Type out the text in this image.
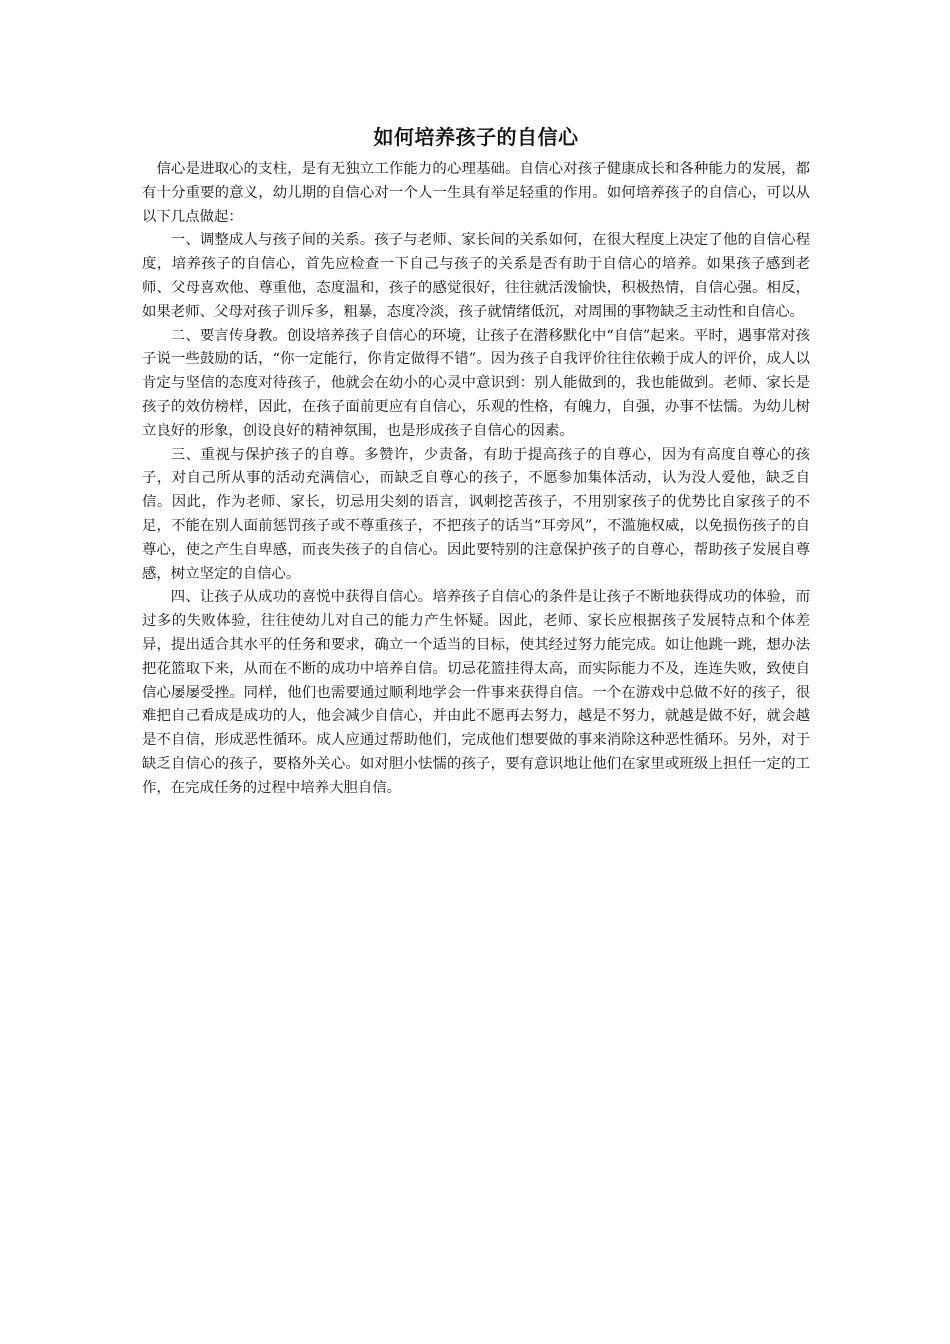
如何培养孩子的自信心

信心是进取心的支柱，是有无独立工作能力的心理基础。自信心对孩子健康成长和各种能力的发展，都有十分重要的意义，幼儿期的自信心对一个人一生具有举足轻重的作用。如何培养孩子的自信心，可以从以下几点做起：

一、调整成人与孩子间的关系。孩子与老师、家长间的关系如何，在很大程度上决定了他的自信心程度，培养孩子的自信心，首先应检查一下自己与孩子的关系是否有助于自信心的培养。如果孩子感到老师、父母喜欢他、尊重他，态度温和，孩子的感觉很好，往往就活泼愉快，积极热情，自信心强。相反，如果老师、父母对孩子训斥多，粗暴，态度冷淡，孩子就情绪低沉，对周围的事物缺乏主动性和自信心。

二、要言传身教。创设培养孩子自信心的环境，让孩子在潜移默化中“自信”起来。平时，遇事常对孩子说一些鼓励的话，“你一定能行，你肯定做得不错”。因为孩子自我评价往往依赖于成人的评价，成人以肯定与坚信的态度对待孩子，他就会在幼小的心灵中意识到：别人能做到的，我也能做到。老师、家长是孩子的效仿榜样，因此，在孩子面前更应有自信心，乐观的性格，有魄力，自强，办事不怯懦。为幼儿树立良好的形象，创设良好的精神氛围，也是形成孩子自信心的因素。

三、重视与保护孩子的自尊。多赞许，少责备，有助于提高孩子的自尊心，因为有高度自尊心的孩子，对自己所从事的活动充满信心，而缺乏自尊心的孩子，不愿参加集体活动，认为没人爱他，缺乏自信。因此，作为老师、家长，切忌用尖刻的语言，讽刺挖苦孩子，不用别家孩子的优势比自家孩子的不足，不能在别人面前惩罚孩子或不尊重孩子，不把孩子的话当“耳旁风”，不滥施权威，以免损伤孩子的自尊心，使之产生自卑感，而丧失孩子的自信心。因此要特别的注意保护孩子的自尊心，帮助孩子发展自尊感，树立坚定的自信心。

四、让孩子从成功的喜悦中获得自信心。培养孩子自信心的条件是让孩子不断地获得成功的体验，而过多的失败体验，往往使幼儿对自己的能力产生怀疑。因此，老师、家长应根据孩子发展特点和个体差异，提出适合其水平的任务和要求，确立一个适当的目标，使其经过努力能完成。如让他跳一跳，想办法把花篮取下来，从而在不断的成功中培养自信。切忌花篮挂得太高，而实际能力不及，连连失败，致使自信心屡屡受挫。同样，他们也需要通过顺利地学会一件事来获得自信。一个在游戏中总做不好的孩子，很难把自己看成是成功的人，他会减少自信心，并由此不愿再去努力，越是不努力，就越是做不好，就会越是不自信，形成恶性循环。成人应通过帮助他们，完成他们想要做的事来消除这种恶性循环。另外，对于缺乏自信心的孩子，要格外关心。如对胆小怯懦的孩子，要有意识地让他们在家里或班级上担任一定的工作，在完成任务的过程中培养大胆自信。
